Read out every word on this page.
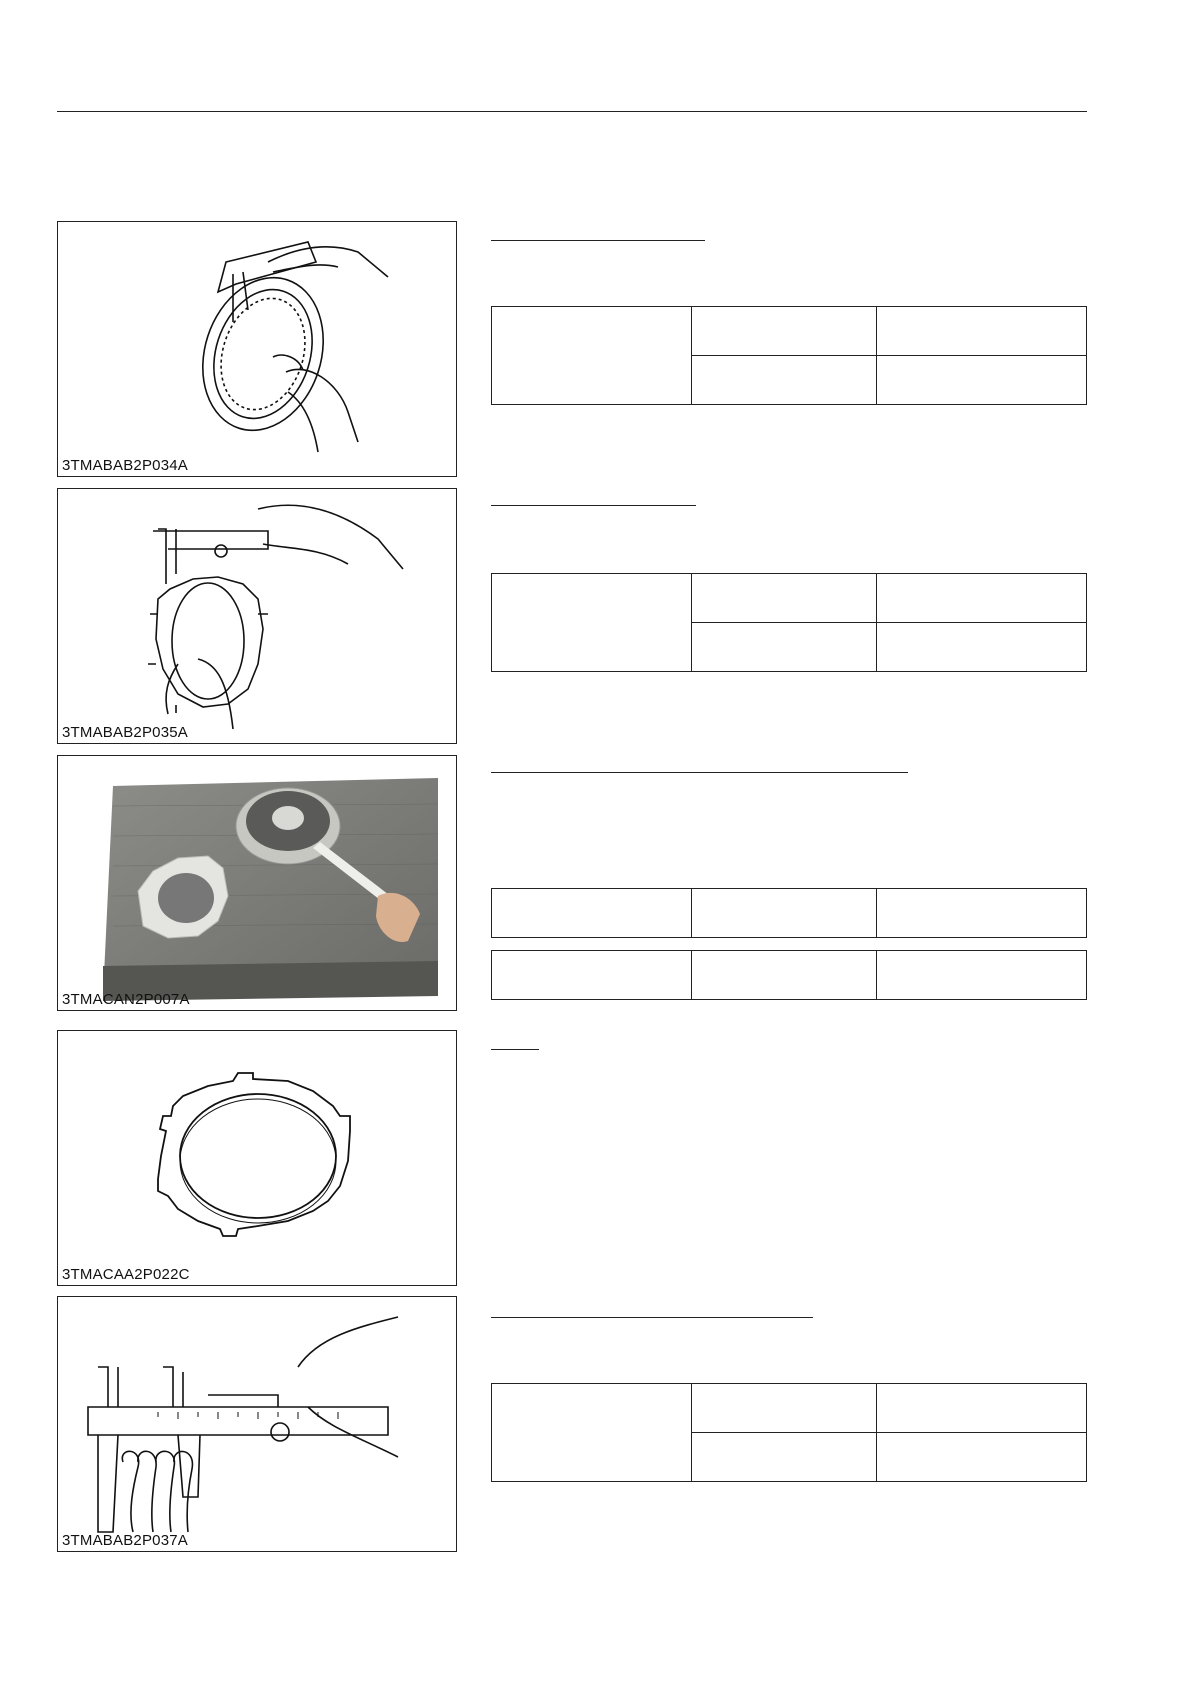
3TMABAB2P034A
3TMABAB2P035A
3TMACAN2P007A
3TMACAA2P022C
3TMABAB2P037A
